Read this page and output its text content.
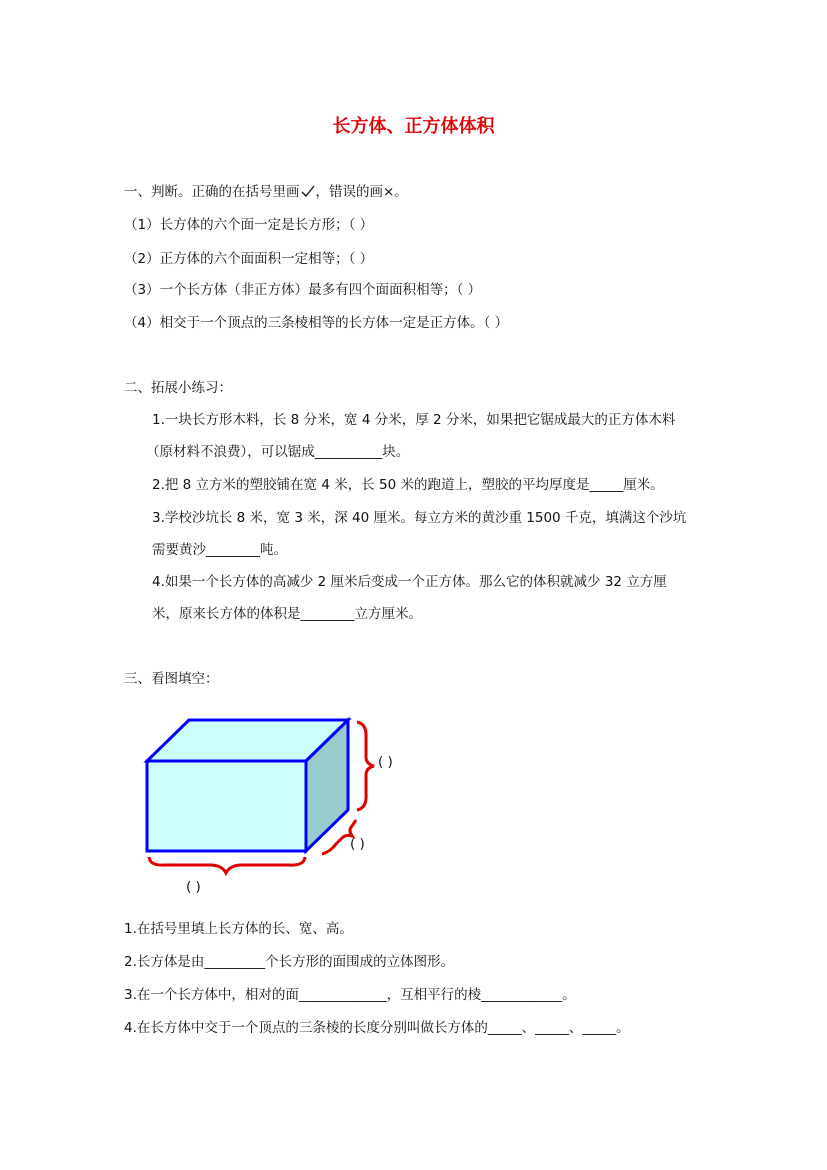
长方体、正方体体积
一、判断。正确的在括号里画 ，错误的画×。
（1）长方体的六个面一定是长方形；（ ）
（2）正方体的六个面面积一定相等；（ ）
（3）一个长方体（非正方体）最多有四个面面积相等；（ ）
（4）相交于一个顶点的三条棱相等的长方体一定是正方体。（ ）
二、拓展小练习：
1.一块长方形木料，长 8 分米，宽 4 分米，厚 2 分米，如果把它锯成最大的正方体木料
（原材料不浪费），可以锯成__________块。
2.把 8 立方米的塑胶铺在宽 4 米，长 50 米的跑道上，塑胶的平均厚度是_____厘米。
3.学校沙坑长 8 米，宽 3 米，深 40 厘米。每立方米的黄沙重 1500 千克，填满这个沙坑
需要黄沙________吨。
4.如果一个长方体的高减少 2 厘米后变成一个正方体。那么它的体积就减少 32 立方厘
米，原来长方体的体积是________立方厘米。
三、看图填空：
( )
( )
( )
1.在括号里填上长方体的长、宽、高。
2.长方体是由_________个长方形的面围成的立体图形。
3.在一个长方体中，相对的面_____________，互相平行的棱____________。
4.在长方体中交于一个顶点的三条棱的长度分别叫做长方体的_____、_____、_____。
